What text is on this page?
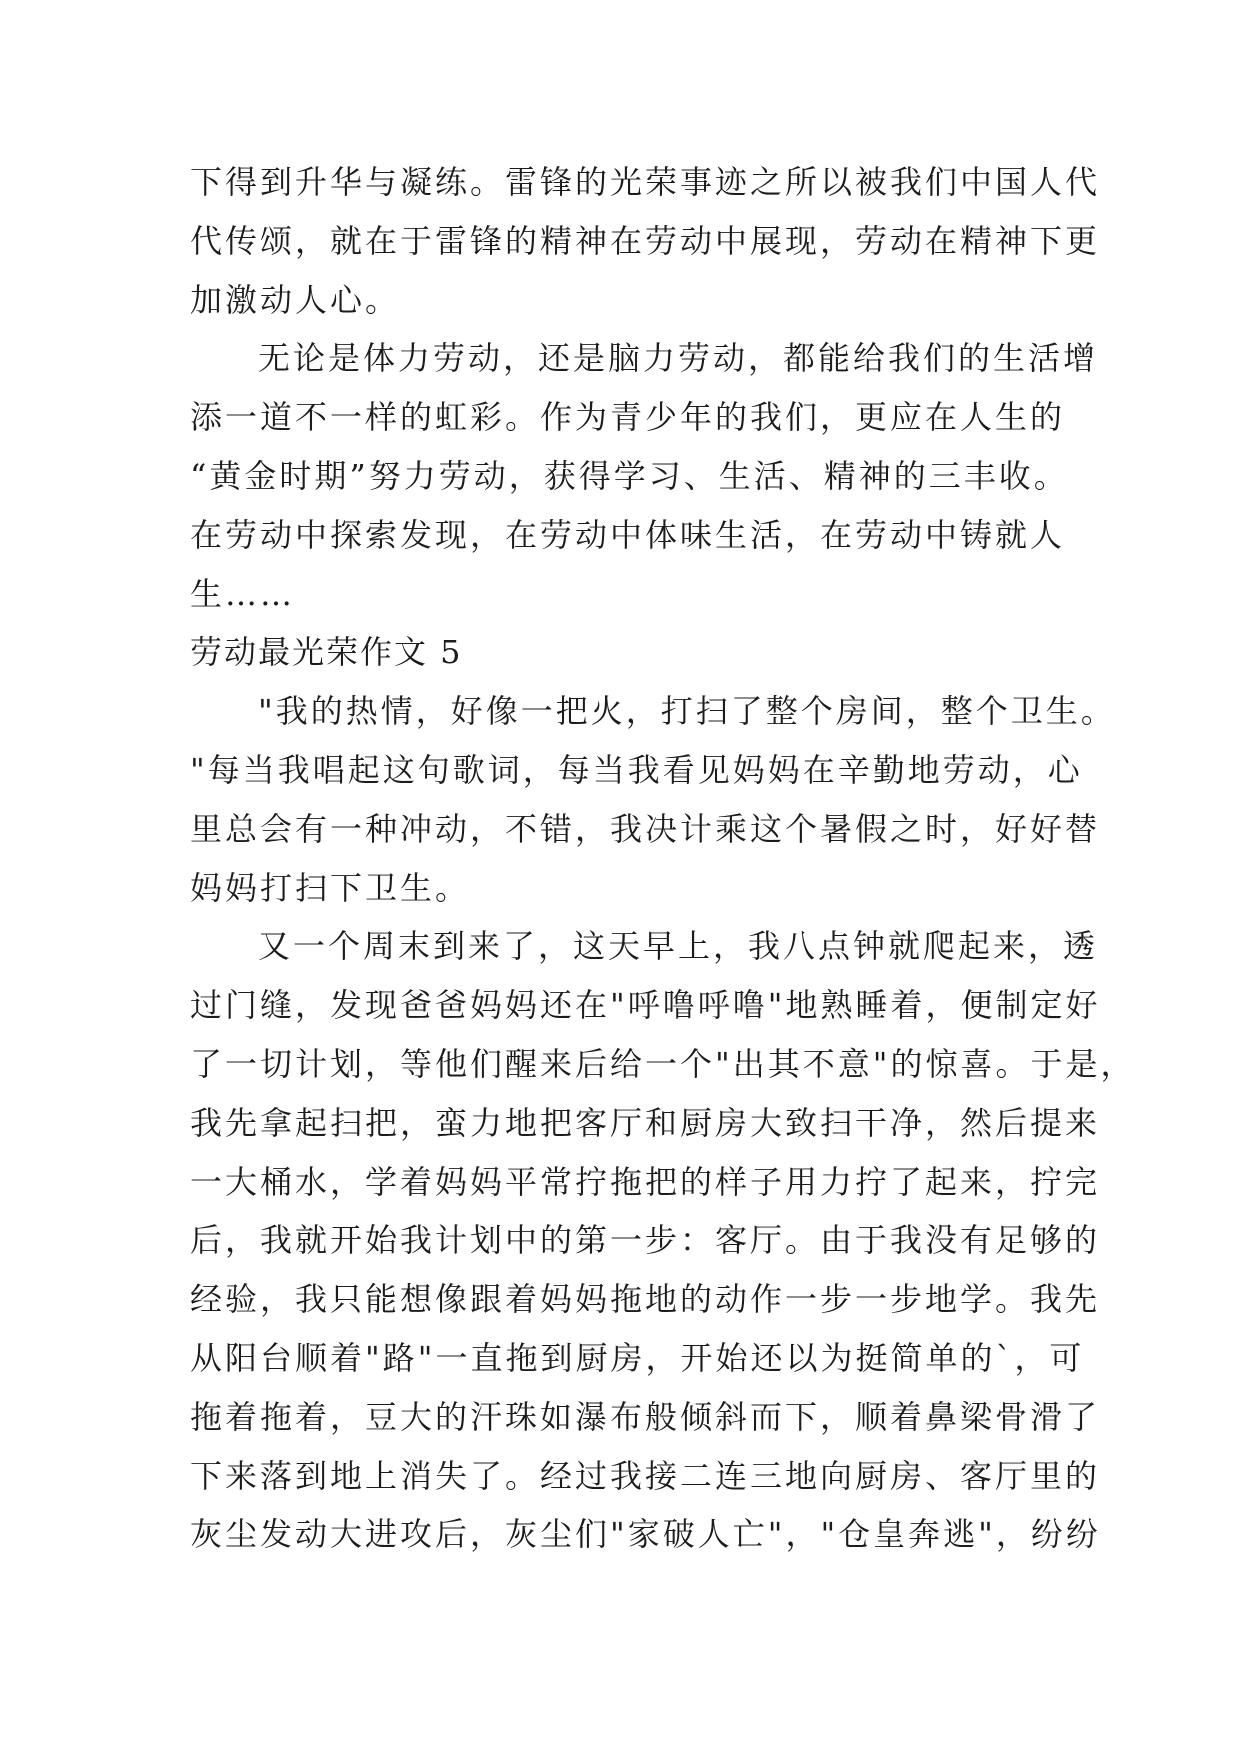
下得到升华与凝练。雷锋的光荣事迹之所以被我们中国人代
代传颂，就在于雷锋的精神在劳动中展现，劳动在精神下更
加激动人心。
无论是体力劳动，还是脑力劳动，都能给我们的生活增
添一道不一样的虹彩。作为青少年的我们，更应在人生的
“黄金时期”努力劳动，获得学习、生活、精神的三丰收。
在劳动中探索发现，在劳动中体味生活，在劳动中铸就人
生……
劳动最光荣作文 5
"我的热情，好像一把火，打扫了整个房间，整个卫生。
"每当我唱起这句歌词，每当我看见妈妈在辛勤地劳动，心
里总会有一种冲动，不错，我决计乘这个暑假之时，好好替
妈妈打扫下卫生。
又一个周末到来了，这天早上，我八点钟就爬起来，透
过门缝，发现爸爸妈妈还在"呼噜呼噜"地熟睡着，便制定好
了一切计划，等他们醒来后给一个"出其不意"的惊喜。于是，
我先拿起扫把，蛮力地把客厅和厨房大致扫干净，然后提来
一大桶水，学着妈妈平常拧拖把的样子用力拧了起来，拧完
后，我就开始我计划中的第一步：客厅。由于我没有足够的
经验，我只能想像跟着妈妈拖地的动作一步一步地学。我先
从阳台顺着"路"一直拖到厨房，开始还以为挺简单的`，可
拖着拖着，豆大的汗珠如瀑布般倾斜而下，顺着鼻梁骨滑了
下来落到地上消失了。经过我接二连三地向厨房、客厅里的
灰尘发动大进攻后，灰尘们"家破人亡"，"仓皇奔逃"，纷纷
